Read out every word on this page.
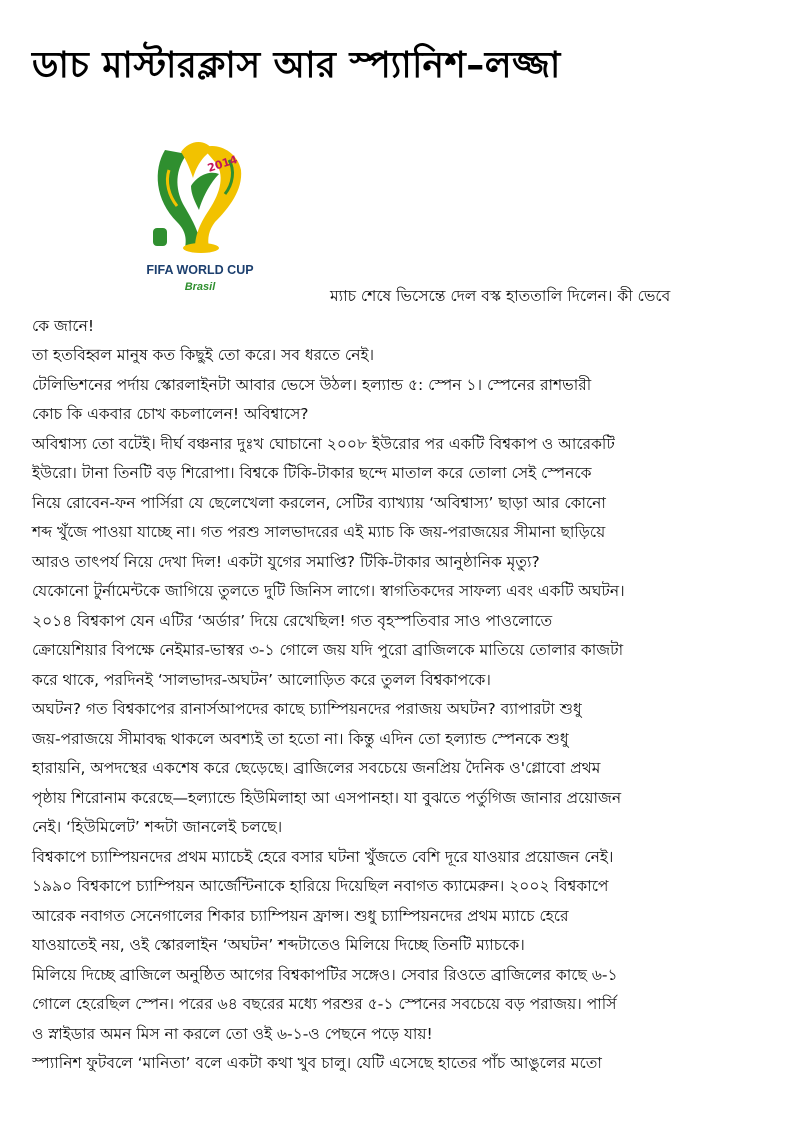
ডাচ মাস্টারক্লাস আর স্প্যানিশ–লজ্জা
2014
FIFA WORLD CUP
Brasil	ম্যাচ শেষে ভিসেন্তে দেল বস্ক হাততালি দিলেন। কী ভেবে
কে জানে!
তা হতবিহ্বল মানুষ কত কিছুই তো করে। সব ধরতে নেই।
টেলিভিশনের পর্দায় স্কোরলাইনটা আবার ভেসে উঠল। হল্যান্ড ৫: স্পেন ১। স্পেনের রাশভারী
কোচ কি একবার চোখ কচলালেন! অবিশ্বাসে?
অবিশ্বাস্য তো বটেই। দীর্ঘ বঞ্চনার দুঃখ ঘোচানো ২০০৮ ইউরোর পর একটি বিশ্বকাপ ও আরেকটি
ইউরো। টানা তিনটি বড় শিরোপা। বিশ্বকে টিকি-টাকার ছন্দে মাতাল করে তোলা সেই স্পেনকে
নিয়ে রোবেন-ফন পার্সিরা যে ছেলেখেলা করলেন, সেটির ব্যাখ্যায় ‘অবিশ্বাস্য’ ছাড়া আর কোনো
শব্দ খুঁজে পাওয়া যাচ্ছে না। গত পরশু সালভাদরের এই ম্যাচ কি জয়-পরাজয়ের সীমানা ছাড়িয়ে
আরও তাৎপর্য নিয়ে দেখা দিল! একটা যুগের সমাপ্তি? টিকি-টাকার আনুষ্ঠানিক মৃত্যু?
যেকোনো টুর্নামেন্টকে জাগিয়ে তুলতে দুটি জিনিস লাগে। স্বাগতিকদের সাফল্য এবং একটি অঘটন।
২০১৪ বিশ্বকাপ যেন এটির ‘অর্ডার’ দিয়ে রেখেছিল! গত বৃহস্পতিবার সাও পাওলোতে
ক্রোয়েশিয়ার বিপক্ষে নেইমার-ভাস্বর ৩-১ গোলে জয় যদি পুরো ব্রাজিলকে মাতিয়ে তোলার কাজটা
করে থাকে, পরদিনই ‘সালভাদর-অঘটন’ আলোড়িত করে তুলল বিশ্বকাপকে।
অঘটন? গত বিশ্বকাপের রানার্সআপদের কাছে চ্যাম্পিয়নদের পরাজয় অঘটন? ব্যাপারটা শুধু
জয়-পরাজয়ে সীমাবদ্ধ থাকলে অবশ্যই তা হতো না। কিন্তু এদিন তো হল্যান্ড স্পেনকে শুধু
হারায়নি, অপদস্থের একশেষ করে ছেড়েছে। ব্রাজিলের সবচেয়ে জনপ্রিয় দৈনিক ও'গ্লোবো প্রথম
পৃষ্ঠায় শিরোনাম করেছে—হল্যান্ডে হিউমিলাহা আ এসপানহা। যা বুঝতে পর্তুগিজ জানার প্রয়োজন
নেই। ‘হিউমিলেট’ শব্দটা জানলেই চলছে।
বিশ্বকাপে চ্যাম্পিয়নদের প্রথম ম্যাচেই হেরে বসার ঘটনা খুঁজতে বেশি দূরে যাওয়ার প্রয়োজন নেই।
১৯৯০ বিশ্বকাপে চ্যাম্পিয়ন আর্জেন্টিনাকে হারিয়ে দিয়েছিল নবাগত ক্যামেরুন। ২০০২ বিশ্বকাপে
আরেক নবাগত সেনেগালের শিকার চ্যাম্পিয়ন ফ্রান্স। শুধু চ্যাম্পিয়নদের প্রথম ম্যাচে হেরে
যাওয়াতেই নয়, ওই স্কোরলাইন ‘অঘটন’ শব্দটাতেও মিলিয়ে দিচ্ছে তিনটি ম্যাচকে।
মিলিয়ে দিচ্ছে ব্রাজিলে অনুষ্ঠিত আগের বিশ্বকাপটির সঙ্গেও। সেবার রিওতে ব্রাজিলের কাছে ৬-১
গোলে হেরেছিল স্পেন। পরের ৬৪ বছরের মধ্যে পরশুর ৫-১ স্পেনের সবচেয়ে বড় পরাজয়। পার্সি
ও স্নাইডার অমন মিস না করলে তো ওই ৬-১-ও পেছনে পড়ে যায়!
স্প্যানিশ ফুটবলে ‘মানিতা’ বলে একটা কথা খুব চালু। যেটি এসেছে হাতের পাঁচ আঙুলের মতো
